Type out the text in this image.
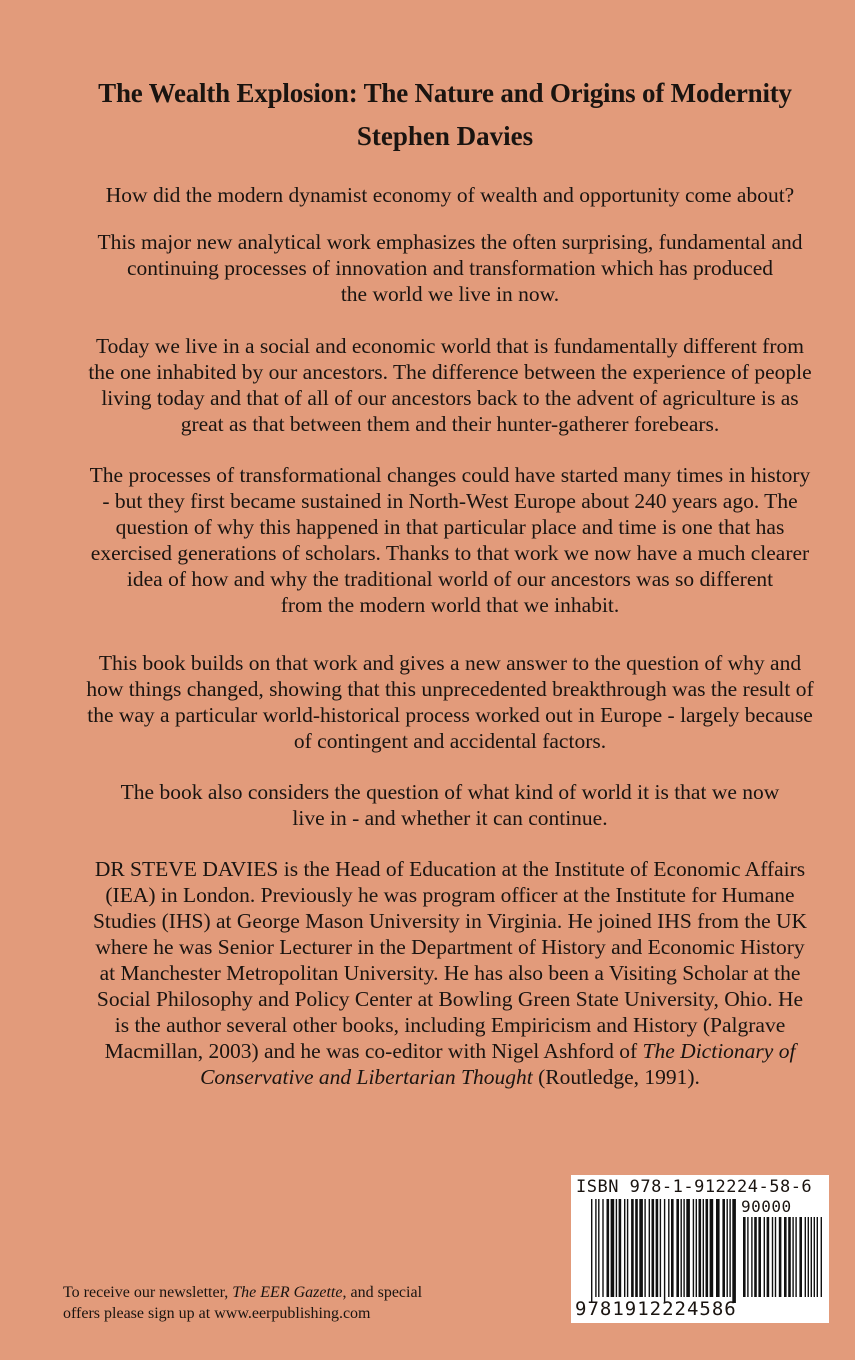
The Wealth Explosion: The Nature and Origins of Modernity
Stephen Davies

How did the modern dynamist economy of wealth and opportunity come about?

This major new analytical work emphasizes the often surprising, fundamental and
continuing processes of innovation and transformation which has produced
the world we live in now.

Today we live in a social and economic world that is fundamentally different from
the one inhabited by our ancestors. The difference between the experience of people
living today and that of all of our ancestors back to the advent of agriculture is as
great as that between them and their hunter-gatherer forebears.

The processes of transformational changes could have started many times in history
- but they first became sustained in North-West Europe about 240 years ago. The
question of why this happened in that particular place and time is one that has
exercised generations of scholars. Thanks to that work we now have a much clearer
idea of how and why the traditional world of our ancestors was so different
from the modern world that we inhabit.

This book builds on that work and gives a new answer to the question of why and
how things changed, showing that this unprecedented breakthrough was the result of
the way a particular world-historical process worked out in Europe - largely because
of contingent and accidental factors.

The book also considers the question of what kind of world it is that we now
live in - and whether it can continue.

DR STEVE DAVIES is the Head of Education at the Institute of Economic Affairs
(IEA) in London. Previously he was program officer at the Institute for Humane
Studies (IHS) at George Mason University in Virginia. He joined IHS from the UK
where he was Senior Lecturer in the Department of History and Economic History
at Manchester Metropolitan University. He has also been a Visiting Scholar at the
Social Philosophy and Policy Center at Bowling Green State University, Ohio. He
is the author several other books, including Empiricism and History (Palgrave
Macmillan, 2003) and he was co-editor with Nigel Ashford of The Dictionary of
Conservative and Libertarian Thought (Routledge, 1991).

To receive our newsletter, The EER Gazette, and special
offers please sign up at www.eerpublishing.com
ISBN 978-1-912224-58-6
90000
9781912224586
